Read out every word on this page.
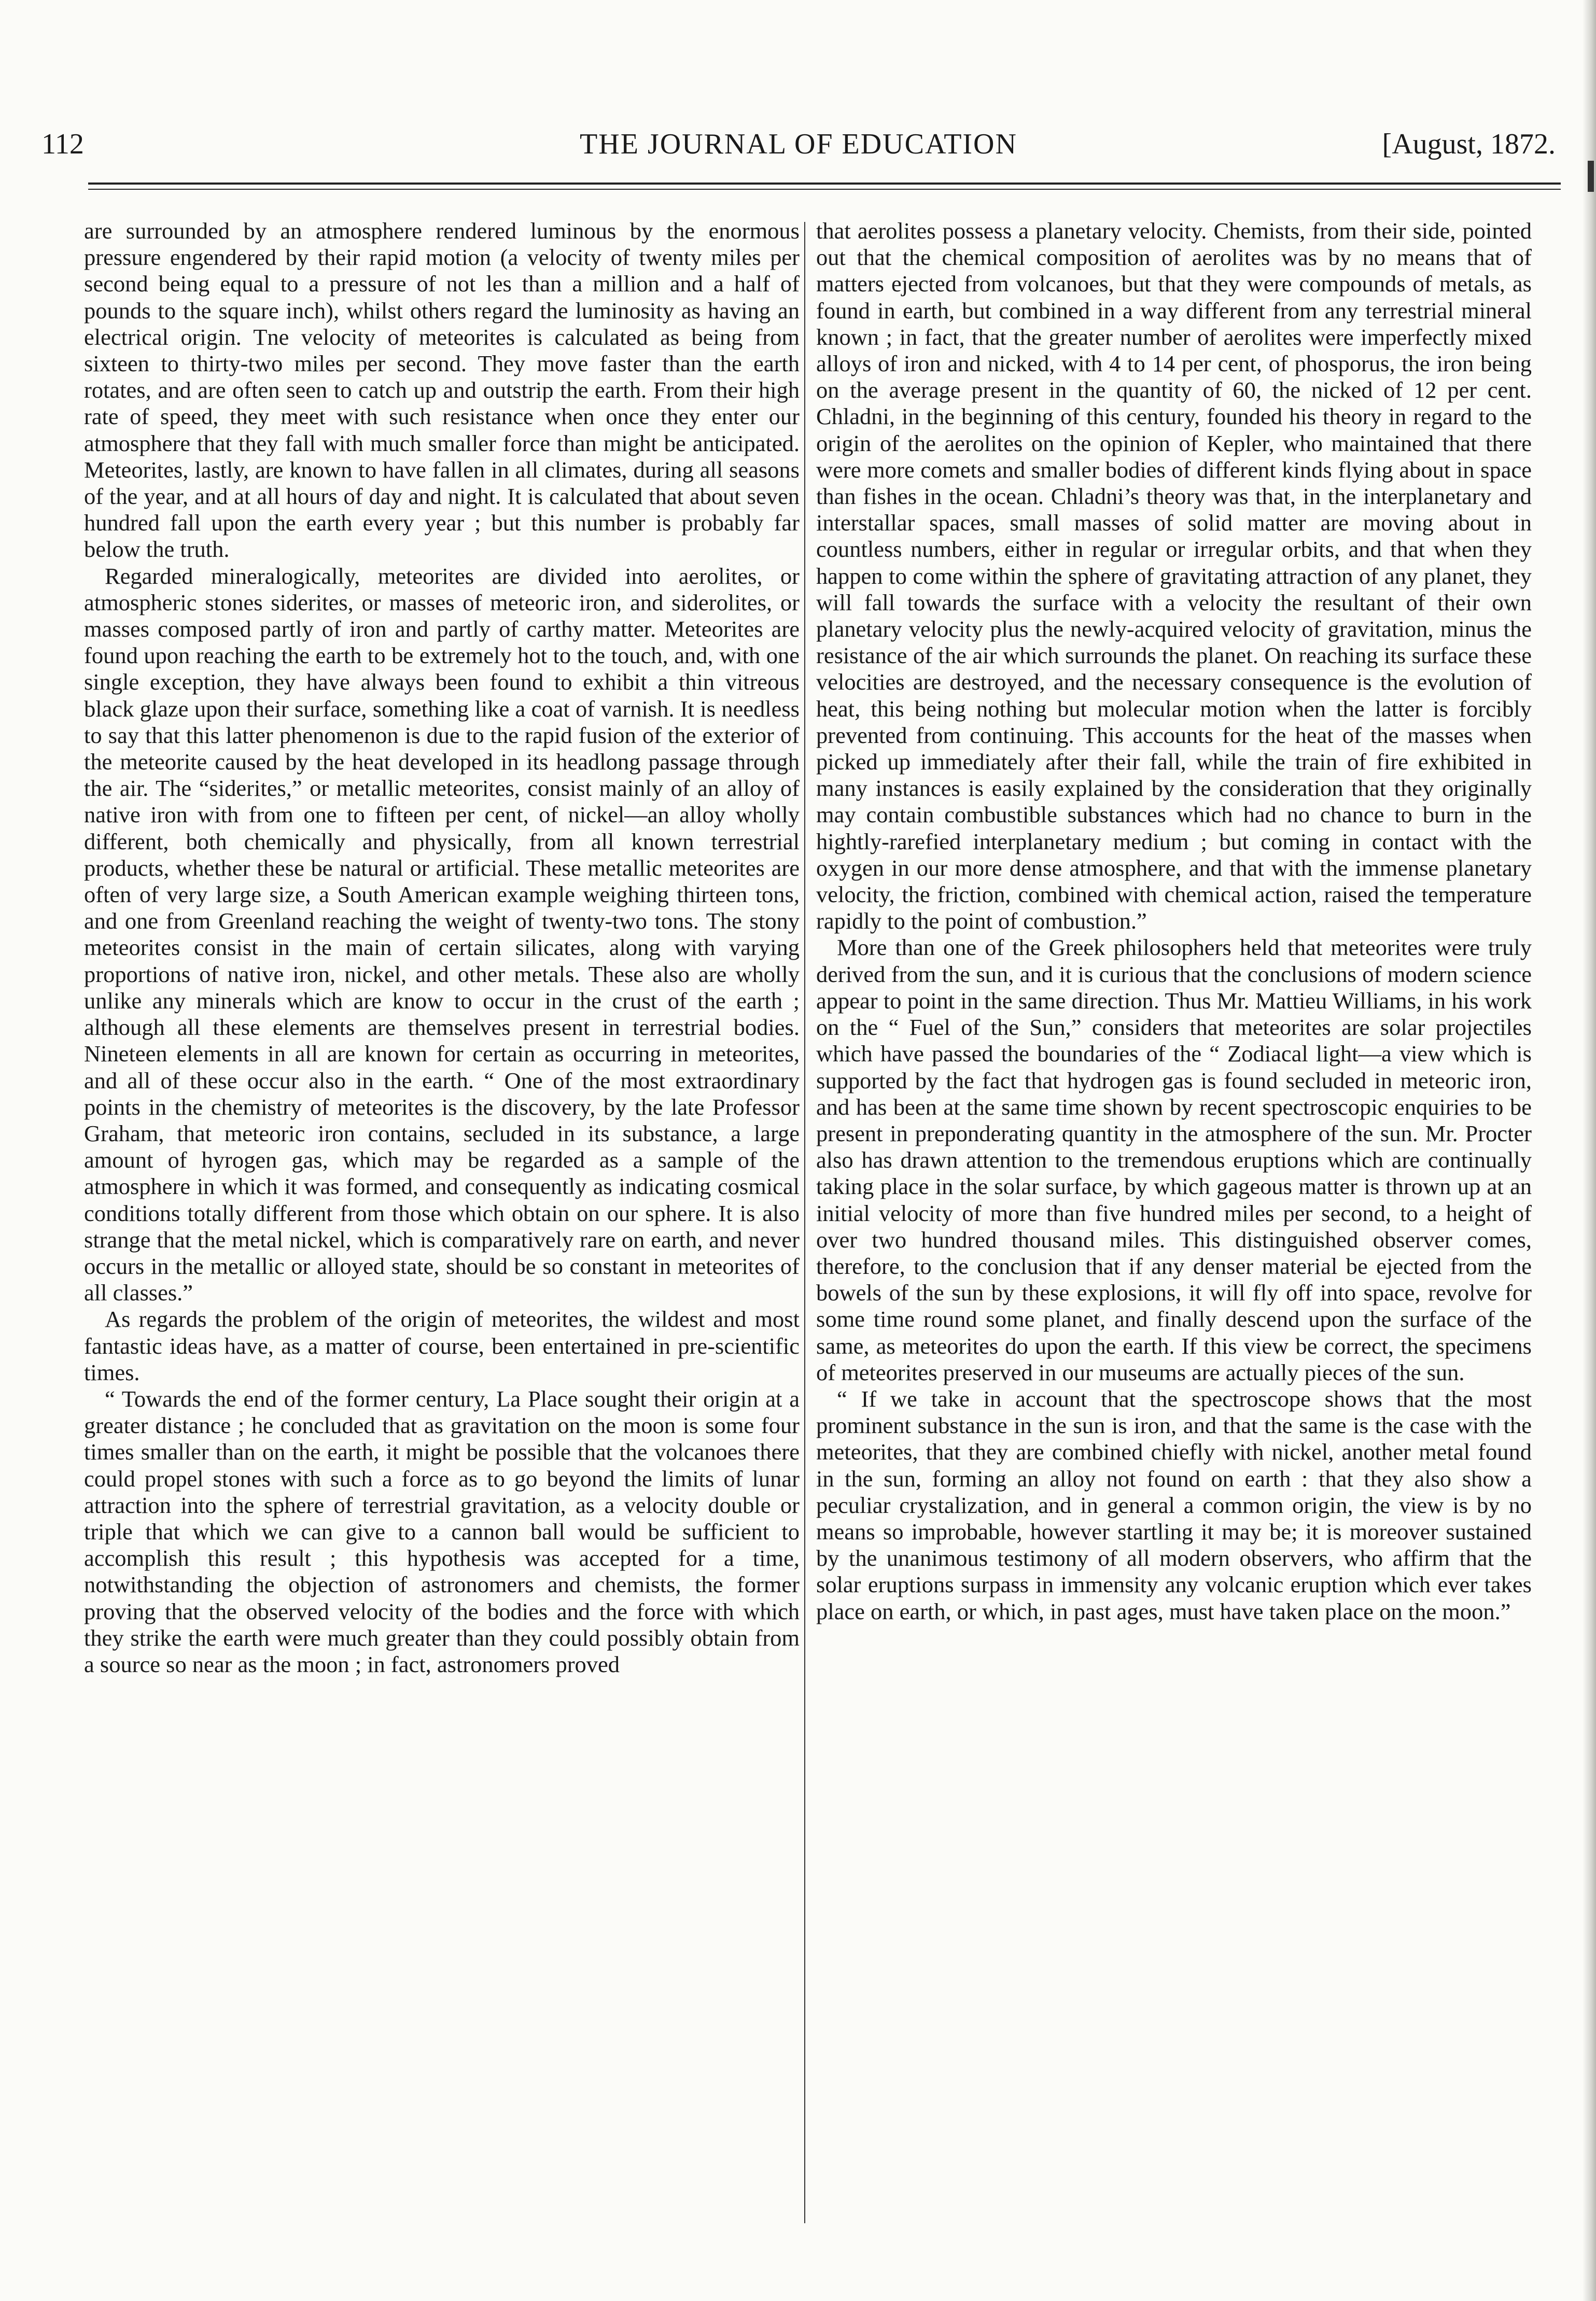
112	THE JOURNAL OF EDUCATION	[August, 1872.

are surrounded by an atmosphere rendered luminous by the enormous pressure engendered by their rapid motion (a velocity of twenty miles per second being equal to a pressure of not les than a million and a half of pounds to the square inch), whilst others regard the luminosity as having an electrical origin. Tne velocity of meteorites is calculated as being from sixteen to thirty-two miles per second. They move faster than the earth rotates, and are often seen to catch up and outstrip the earth. From their high rate of speed, they meet with such resistance when once they enter our atmosphere that they fall with much smaller force than might be anticipated. Meteorites, lastly, are known to have fallen in all climates, during all seasons of the year, and at all hours of day and night. It is calculated that about seven hundred fall upon the earth every year ; but this number is probably far below the truth.

Regarded mineralogically, meteorites are divided into aerolites, or atmospheric stones siderites, or masses of meteoric iron, and siderolites, or masses composed partly of iron and partly of carthy matter. Meteorites are found upon reaching the earth to be extremely hot to the touch, and, with one single exception, they have always been found to exhibit a thin vitreous black glaze upon their surface, something like a coat of varnish. It is needless to say that this latter phenomenon is due to the rapid fusion of the exterior of the meteorite caused by the heat developed in its headlong passage through the air. The “siderites,” or metallic meteorites, consist mainly of an alloy of native iron with from one to fifteen per cent, of nickel—an alloy wholly different, both chemically and physically, from all known terrestrial products, whether these be natural or artificial. These metallic meteorites are often of very large size, a South American example weighing thirteen tons, and one from Greenland reaching the weight of twenty-two tons. The stony meteorites consist in the main of certain silicates, along with varying proportions of native iron, nickel, and other metals. These also are wholly unlike any minerals which are know to occur in the crust of the earth ; although all these elements are themselves present in terrestrial bodies. Nineteen elements in all are known for certain as occurring in meteorites, and all of these occur also in the earth. “ One of the most extraordinary points in the chemistry of meteorites is the discovery, by the late Professor Graham, that meteoric iron contains, secluded in its substance, a large amount of hyrogen gas, which may be regarded as a sample of the atmosphere in which it was formed, and consequently as indicating cosmical conditions totally different from those which obtain on our sphere. It is also strange that the metal nickel, which is comparatively rare on earth, and never occurs in the metallic or alloyed state, should be so constant in meteorites of all classes.”

As regards the problem of the origin of meteorites, the wildest and most fantastic ideas have, as a matter of course, been entertained in pre-scientific times.

“ Towards the end of the former century, La Place sought their origin at a greater distance ; he concluded that as gravitation on the moon is some four times smaller than on the earth, it might be possible that the volcanoes there could propel stones with such a force as to go beyond the limits of lunar attraction into the sphere of terrestrial gravitation, as a velocity double or triple that which we can give to a cannon ball would be sufficient to accomplish this result ; this hypothesis was accepted for a time, notwithstanding the objection of astronomers and chemists, the former proving that the observed velocity of the bodies and the force with which they strike the earth were much greater than they could possibly obtain from a source so near as the moon ; in fact, astronomers proved

that aerolites possess a planetary velocity. Chemists, from their side, pointed out that the chemical composition of aerolites was by no means that of matters ejected from volcanoes, but that they were compounds of metals, as found in earth, but combined in a way different from any terrestrial mineral known ; in fact, that the greater number of aerolites were imperfectly mixed alloys of iron and nicked, with 4 to 14 per cent, of phosporus, the iron being on the average present in the quantity of 60, the nicked of 12 per cent. Chladni, in the beginning of this century, founded his theory in regard to the origin of the aerolites on the opinion of Kepler, who maintained that there were more comets and smaller bodies of different kinds flying about in space than fishes in the ocean. Chladni’s theory was that, in the interplanetary and interstallar spaces, small masses of solid matter are moving about in countless numbers, either in regular or irregular orbits, and that when they happen to come within the sphere of gravitating attraction of any planet, they will fall towards the surface with a velocity the resultant of their own planetary velocity plus the newly-acquired velocity of gravitation, minus the resistance of the air which surrounds the planet. On reaching its surface these velocities are destroyed, and the necessary consequence is the evolution of heat, this being nothing but molecular motion when the latter is forcibly prevented from continuing. This accounts for the heat of the masses when picked up immediately after their fall, while the train of fire exhibited in many instances is easily explained by the consideration that they originally may contain combustible substances which had no chance to burn in the hightly-rarefied interplanetary medium ; but coming in contact with the oxygen in our more dense atmosphere, and that with the immense planetary velocity, the friction, combined with chemical action, raised the temperature rapidly to the point of combustion.”

More than one of the Greek philosophers held that meteorites were truly derived from the sun, and it is curious that the conclusions of modern science appear to point in the same direction. Thus Mr. Mattieu Williams, in his work on the “ Fuel of the Sun,” considers that meteorites are solar projectiles which have passed the boundaries of the “ Zodiacal light—a view which is supported by the fact that hydrogen gas is found secluded in meteoric iron, and has been at the same time shown by recent spectroscopic enquiries to be present in preponderating quantity in the atmosphere of the sun. Mr. Procter also has drawn attention to the tremendous eruptions which are continually taking place in the solar surface, by which gageous matter is thrown up at an initial velocity of more than five hundred miles per second, to a height of over two hundred thousand miles. This distinguished observer comes, therefore, to the conclusion that if any denser material be ejected from the bowels of the sun by these explosions, it will fly off into space, revolve for some time round some planet, and finally descend upon the surface of the same, as meteorites do upon the earth. If this view be correct, the specimens of meteorites preserved in our museums are actually pieces of the sun.

“ If we take in account that the spectroscope shows that the most prominent substance in the sun is iron, and that the same is the case with the meteorites, that they are combined chiefly with nickel, another metal found in the sun, forming an alloy not found on earth : that they also show a peculiar crystalization, and in general a common origin, the view is by no means so improbable, however startling it may be; it is moreover sustained by the unanimous testimony of all modern observers, who affirm that the solar eruptions surpass in immensity any volcanic eruption which ever takes place on earth, or which, in past ages, must have taken place on the moon.”
